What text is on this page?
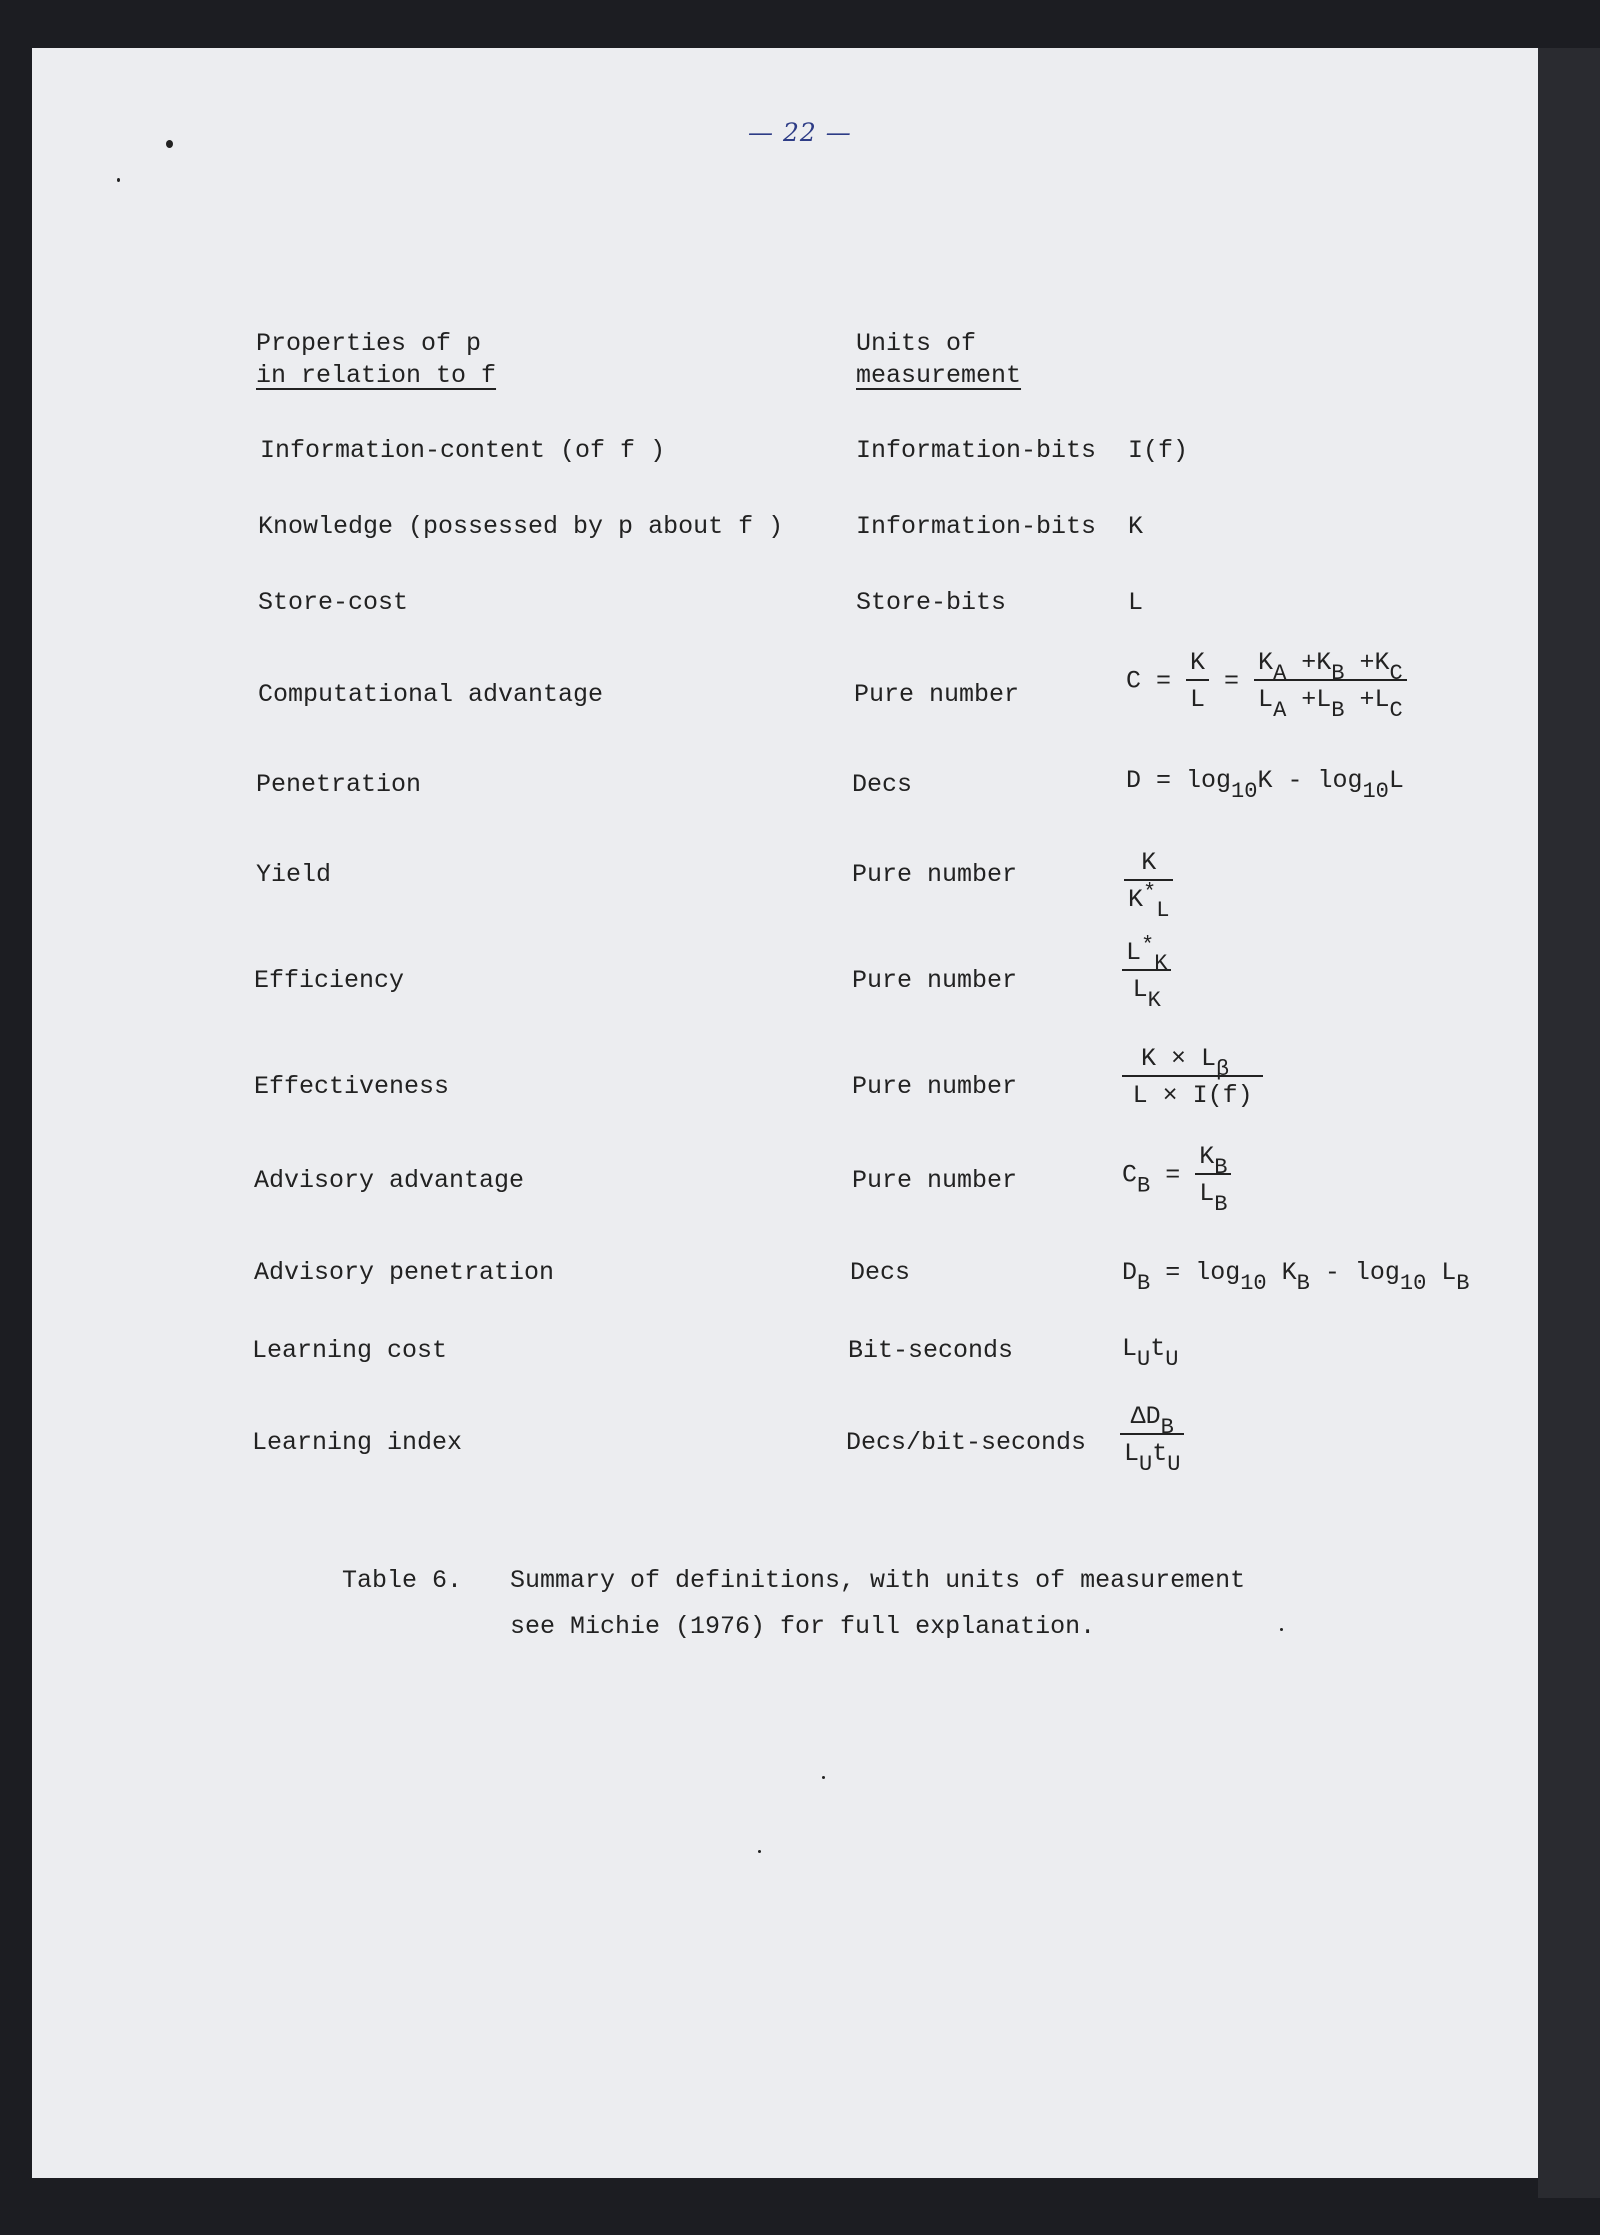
— 22 —
Properties of p
in relation to f
Units of
measurement
Information-content (of f )	Information-bits I(f)
Knowledge (possessed by p about f )	Information-bits K
Store-cost	Store-bits	L
Computational advantage	Pure number	$C = \frac{K}{L} = \frac{K_A +K_B +K_C}{L_A +L_B +L_C}$
Penetration	Decs	$D = \log_{10}K - \log_{10}L$
Yield	Pure number	$\frac{K}{K^*_L}$
Efficiency	Pure number	$\frac{L^*_K}{L_K}$
Effectiveness	Pure number	$\frac{K \times L_\beta}{L \times I(f)}$
Advisory advantage	Pure number	$C_B = \frac{K_B}{L_B}$
Advisory penetration	Decs	$D_B = \log_{10} K_B - \log_{10} L_B$
Learning cost	Bit-seconds	$L_Ut_U$
Learning index	Decs/bit-seconds $\frac{\Delta D_B}{L_Ut_U}$
Table 6. Summary of definitions, with units of measurement
see Michie (1976) for full explanation.
